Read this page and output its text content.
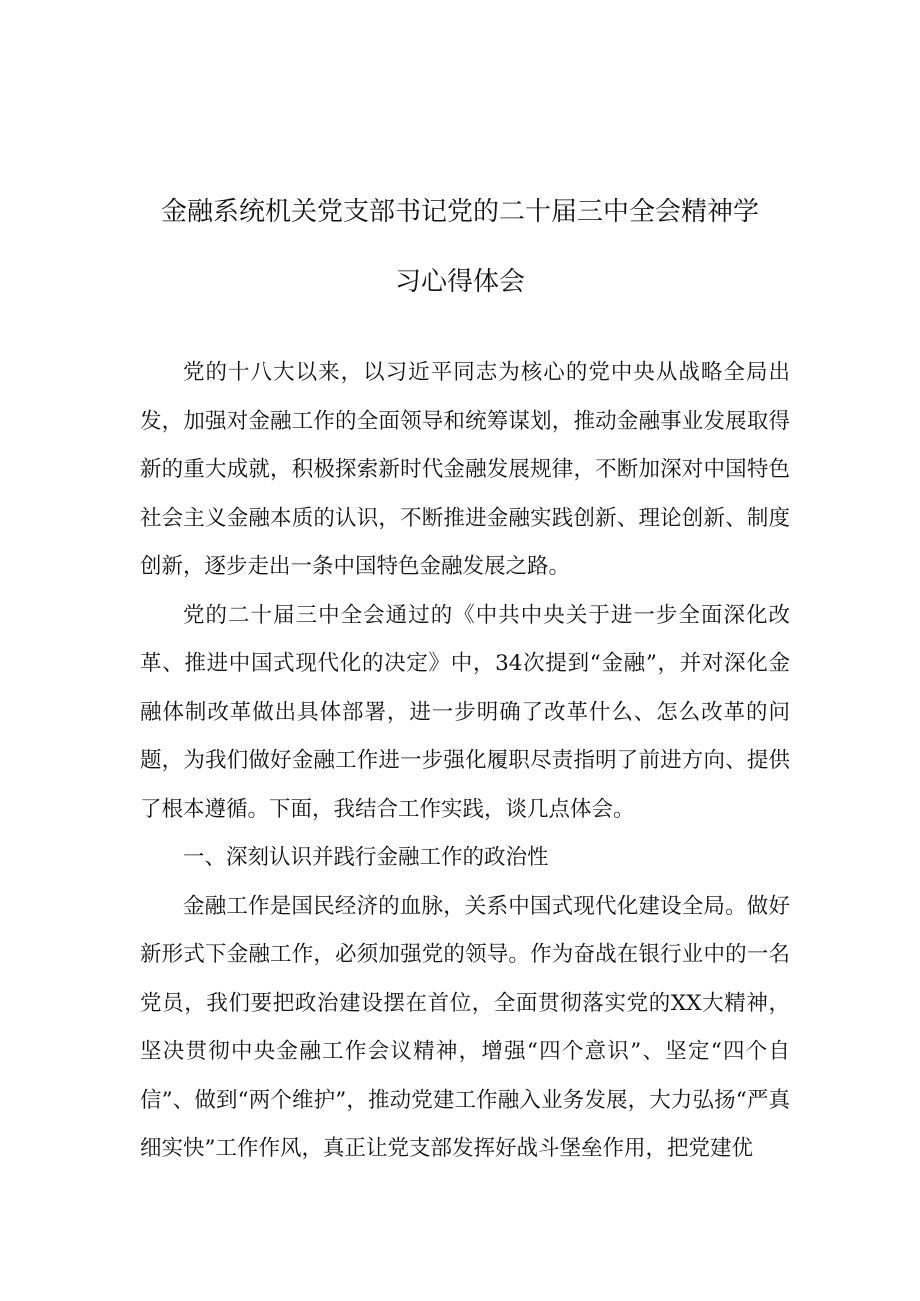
金融系统机关党支部书记党的二十届三中全会精神学
习心得体会

党的十八大以来，以习近平同志为核心的党中央从战略全局出发，加强对金融工作的全面领导和统筹谋划，推动金融事业发展取得新的重大成就，积极探索新时代金融发展规律，不断加深对中国特色社会主义金融本质的认识，不断推进金融实践创新、理论创新、制度创新，逐步走出一条中国特色金融发展之路。

党的二十届三中全会通过的《中共中央关于进一步全面深化改革、推进中国式现代化的决定》中，34次提到“金融”，并对深化金融体制改革做出具体部署，进一步明确了改革什么、怎么改革的问题，为我们做好金融工作进一步强化履职尽责指明了前进方向、提供了根本遵循。下面，我结合工作实践，谈几点体会。

一、深刻认识并践行金融工作的政治性

金融工作是国民经济的血脉，关系中国式现代化建设全局。做好新形式下金融工作，必须加强党的领导。作为奋战在银行业中的一名党员，我们要把政治建设摆在首位，全面贯彻落实党的XX大精神，坚决贯彻中央金融工作会议精神，增强“四个意识”、坚定“四个自信”、做到“两个维护”，推动党建工作融入业务发展，大力弘扬“严真细实快”工作作风，真正让党支部发挥好战斗堡垒作用，把党建优
